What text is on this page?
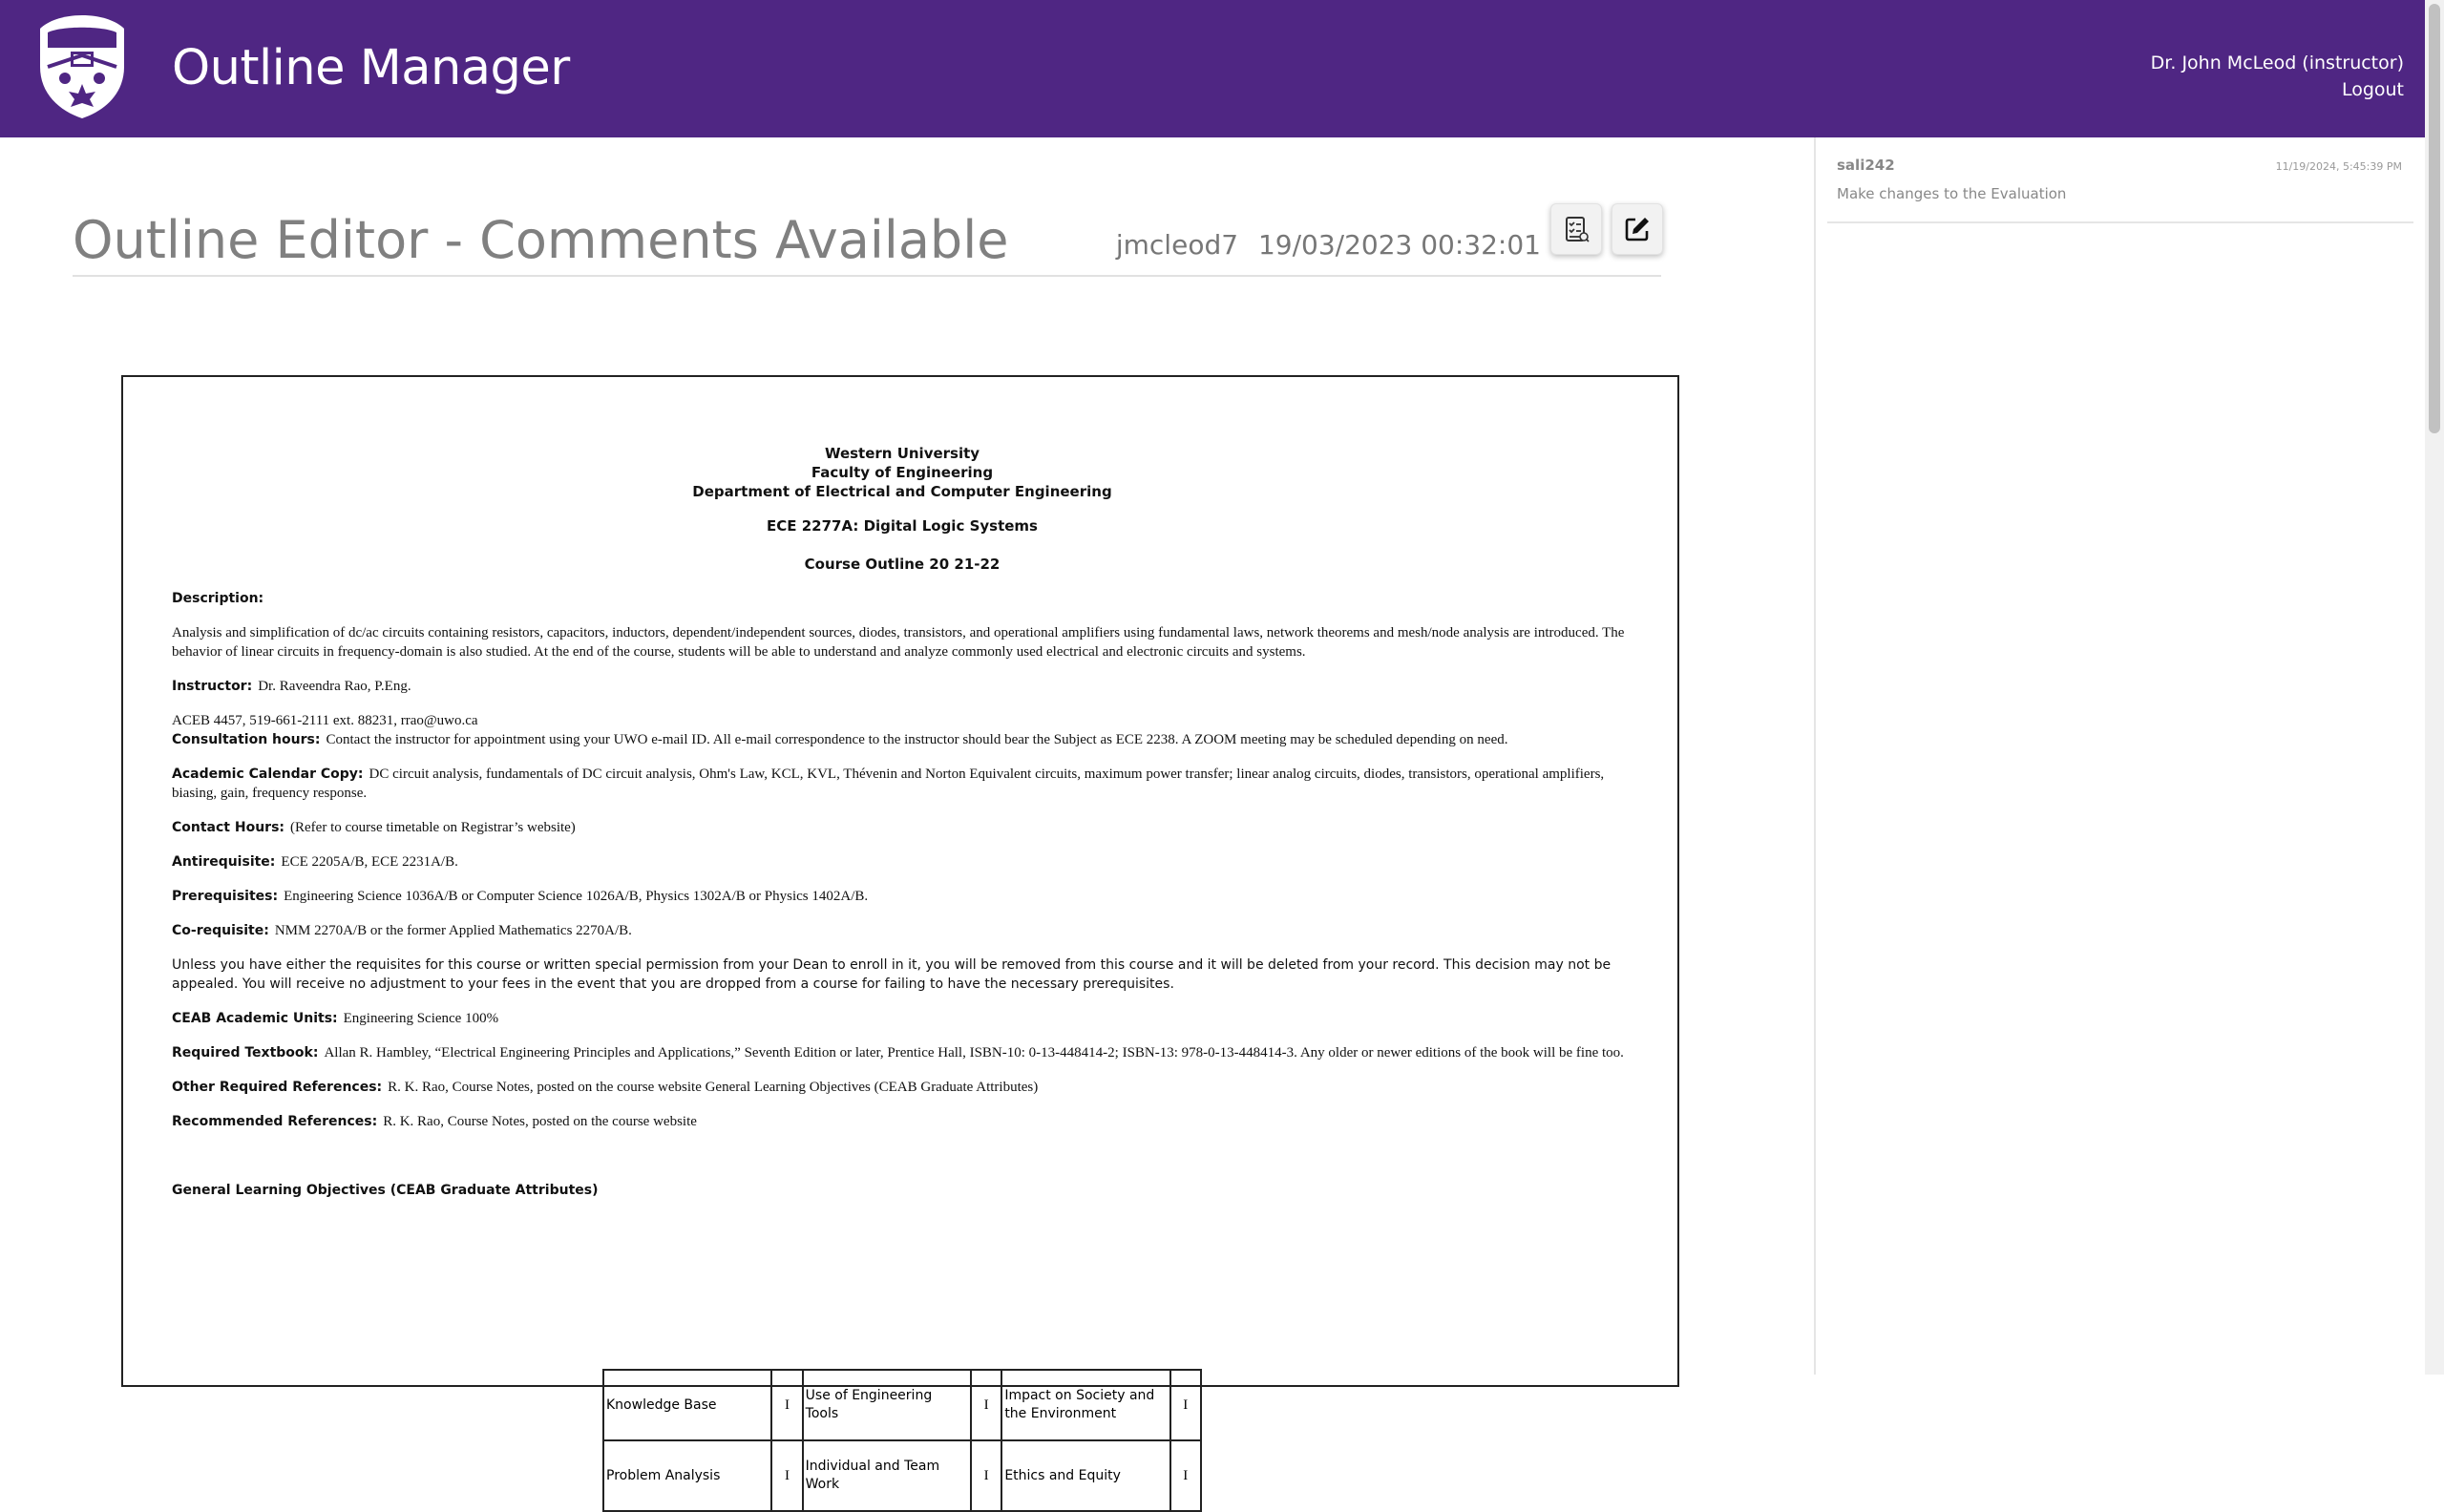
Outline Manager	Dr. John McLeod (instructor)
Logout
Outline Editor - Comments Available	jmcleod7 19/03/2023 00:32:01
Western University
Faculty of Engineering
Department of Electrical and Computer Engineering
ECE 2277A: Digital Logic Systems
Course Outline 20 21-22
Description:
Analysis and simplification of dc/ac circuits containing resistors, capacitors, inductors, dependent/independent sources, diodes, transistors, and operational amplifiers using fundamental laws, network theorems and mesh/node analysis are introduced. The behavior of linear circuits in frequency-domain is also studied. At the end of the course, students will be able to understand and analyze commonly used electrical and electronic circuits and systems.
Instructor: Dr. Raveendra Rao, P.Eng.
ACEB 4457, 519-661-2111 ext. 88231, rrao@uwo.ca
Consultation hours: Contact the instructor for appointment using your UWO e-mail ID. All e-mail correspondence to the instructor should bear the Subject as ECE 2238. A ZOOM meeting may be scheduled depending on need.
Academic Calendar Copy: DC circuit analysis, fundamentals of DC circuit analysis, Ohm's Law, KCL, KVL, Thévenin and Norton Equivalent circuits, maximum power transfer; linear analog circuits, diodes, transistors, operational amplifiers, biasing, gain, frequency response.
Contact Hours: (Refer to course timetable on Registrar’s website)
Antirequisite: ECE 2205A/B, ECE 2231A/B.
Prerequisites: Engineering Science 1036A/B or Computer Science 1026A/B, Physics 1302A/B or Physics 1402A/B.
Co-requisite: NMM 2270A/B or the former Applied Mathematics 2270A/B.
Unless you have either the requisites for this course or written special permission from your Dean to enroll in it, you will be removed from this course and it will be deleted from your record. This decision may not be appealed. You will receive no adjustment to your fees in the event that you are dropped from a course for failing to have the necessary prerequisites.
CEAB Academic Units: Engineering Science 100%
Required Textbook: Allan R. Hambley, “Electrical Engineering Principles and Applications,” Seventh Edition or later, Prentice Hall, ISBN-10: 0-13-448414-2; ISBN-13: 978-0-13-448414-3. Any older or newer editions of the book will be fine too.
Other Required References: R. K. Rao, Course Notes, posted on the course website General Learning Objectives (CEAB Graduate Attributes)
Recommended References: R. K. Rao, Course Notes, posted on the course website
General Learning Objectives (CEAB Graduate Attributes)
Knowledge Base	I	Use of Engineering Tools	I	Impact on Society and the Environment	I
Problem Analysis	I	Individual and Team Work	I	Ethics and Equity	I
sali242	11/19/2024, 5:45:39 PM
Make changes to the Evaluation
